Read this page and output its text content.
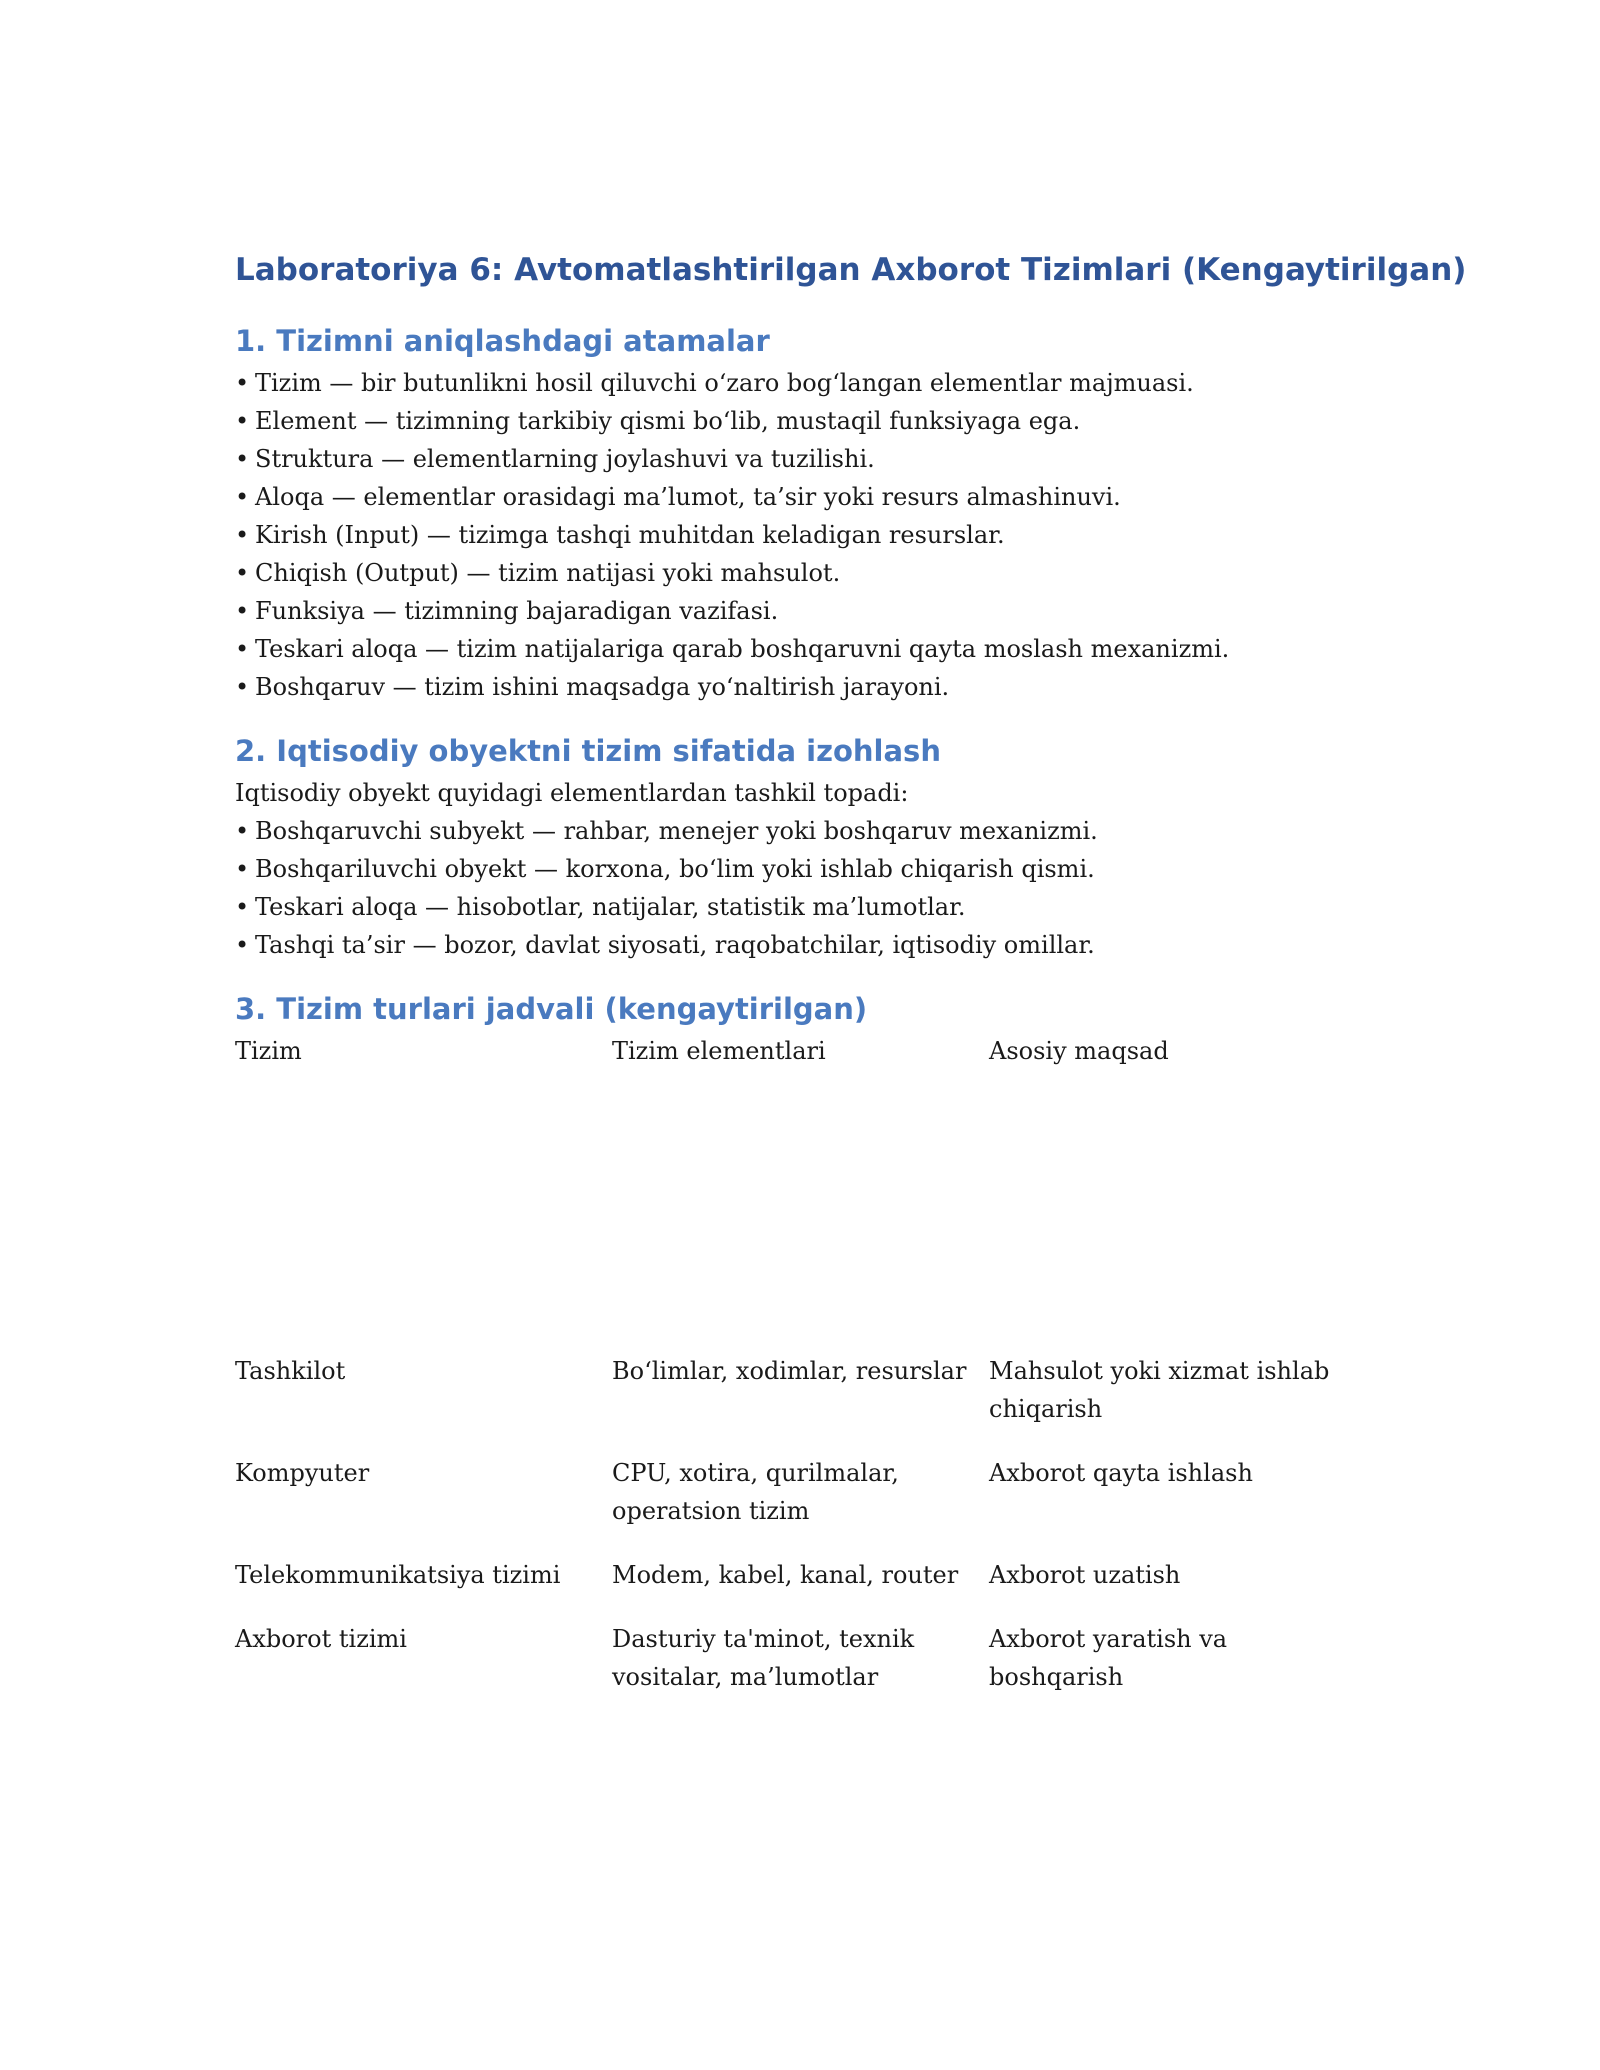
Laboratoriya 6: Avtomatlashtirilgan Axborot Tizimlari (Kengaytirilgan)
1. Tizimni aniqlashdagi atamalar
• Tizim — bir butunlikni hosil qiluvchi o‘zaro bog‘langan elementlar majmuasi.
• Element — tizimning tarkibiy qismi bo‘lib, mustaqil funksiyaga ega.
• Struktura — elementlarning joylashuvi va tuzilishi.
• Aloqa — elementlar orasidagi ma’lumot, ta’sir yoki resurs almashinuvi.
• Kirish (Input) — tizimga tashqi muhitdan keladigan resurslar.
• Chiqish (Output) — tizim natijasi yoki mahsulot.
• Funksiya — tizimning bajaradigan vazifasi.
• Teskari aloqa — tizim natijalariga qarab boshqaruvni qayta moslash mexanizmi.
• Boshqaruv — tizim ishini maqsadga yo‘naltirish jarayoni.
2. Iqtisodiy obyektni tizim sifatida izohlash
Iqtisodiy obyekt quyidagi elementlardan tashkil topadi:
• Boshqaruvchi subyekt — rahbar, menejer yoki boshqaruv mexanizmi.
• Boshqariluvchi obyekt — korxona, bo‘lim yoki ishlab chiqarish qismi.
• Teskari aloqa — hisobotlar, natijalar, statistik ma’lumotlar.
• Tashqi ta’sir — bozor, davlat siyosati, raqobatchilar, iqtisodiy omillar.
3. Tizim turlari jadvali (kengaytirilgan)
Tizim	Tizim elementlari	Asosiy maqsad
Tashkilot	Bo‘limlar, xodimlar, resurslar	Mahsulot yoki xizmat ishlab chiqarish
Kompyuter	CPU, xotira, qurilmalar, operatsion tizim	Axborot qayta ishlash
Telekommunikatsiya tizimi	Modem, kabel, kanal, router	Axborot uzatish
Axborot tizimi	Dasturiy ta'minot, texnik vositalar, ma’lumotlar	Axborot yaratish va boshqarish
